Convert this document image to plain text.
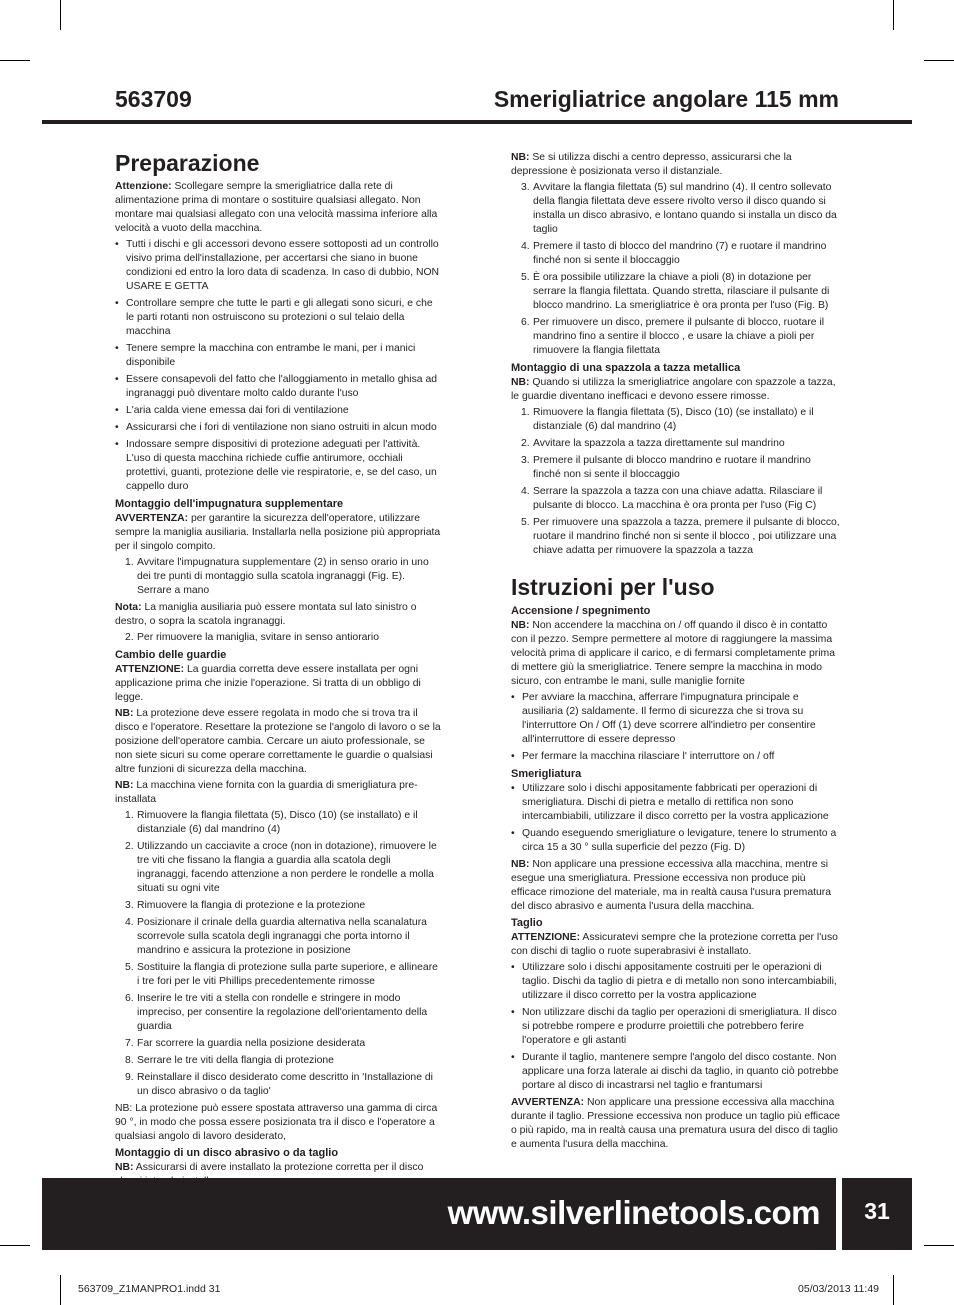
563709	Smerigliatrice angolare 115 mm
Preparazione

Attenzione: Scollegare sempre la smerigliatrice dalla rete di alimentazione prima di montare o sostituire qualsiasi allegato. Non montare mai qualsiasi allegato con una velocità massima inferiore alla velocità a vuoto della macchina.

• Tutti i dischi e gli accessori devono essere sottoposti ad un controllo visivo prima dell'installazione, per accertarsi che siano in buone condizioni ed entro la loro data di scadenza. In caso di dubbio, NON USARE E GETTA
• Controllare sempre che tutte le parti e gli allegati sono sicuri, e che le parti rotanti non ostruiscono su protezioni o sul telaio della macchina
• Tenere sempre la macchina con entrambe le mani, per i manici disponibile
• Essere consapevoli del fatto che l'alloggiamento in metallo ghisa ad ingranaggi può diventare molto caldo durante l'uso
• L'aria calda viene emessa dai fori di ventilazione
• Assicurarsi che i fori di ventilazione non siano ostruiti in alcun modo
• Indossare sempre dispositivi di protezione adeguati per l'attività. L'uso di questa macchina richiede cuffie antirumore, occhiali protettivi, guanti, protezione delle vie respiratorie, e, se del caso, un cappello duro
Montaggio dell'impugnatura supplementare

AVVERTENZA: per garantire la sicurezza dell'operatore, utilizzare sempre la maniglia ausiliaria. Installarla nella posizione più appropriata per il singolo compito.

1. Avvitare l'impugnatura supplementare (2) in senso orario in uno dei tre punti di montaggio sulla scatola ingranaggi (Fig. E). Serrare a mano

Nota: La maniglia ausiliaria può essere montata sul lato sinistro o destro, o sopra la scatola ingranaggi.

2. Per rimuovere la maniglia, svitare in senso antiorario
Cambio delle guardie

ATTENZIONE: La guardia corretta deve essere installata per ogni applicazione prima che inizie l'operazione. Si tratta di un obbligo di legge.

NB: La protezione deve essere regolata in modo che si trova tra il disco e l'operatore. Resettare la protezione se l'angolo di lavoro o se la posizione dell'operatore cambia. Cercare un aiuto professionale, se non siete sicuri su come operare correttamente le guardie o qualsiasi altre funzioni di sicurezza della macchina.

NB: La macchina viene fornita con la guardia di smerigliatura pre-installata

1. Rimuovere la flangia filettata (5), Disco (10) (se installato) e il distanziale (6) dal mandrino (4)
2. Utilizzando un cacciavite a croce (non in dotazione), rimuovere le tre viti che fissano la flangia a guardia alla scatola degli ingranaggi, facendo attenzione a non perdere le rondelle a molla situati su ogni vite
3. Rimuovere la flangia di protezione e la protezione
4. Posizionare il crinale della guardia alternativa nella scanalatura scorrevole sulla scatola degli ingranaggi che porta intorno il mandrino e assicura la protezione in posizione
5. Sostituire la flangia di protezione sulla parte superiore, e allineare i tre fori per le viti Phillips precedentemente rimosse
6. Inserire le tre viti a stella con rondelle e stringere in modo impreciso, per consentire la regolazione dell'orientamento della guardia
7. Far scorrere la guardia nella posizione desiderata
8. Serrare le tre viti della flangia di protezione
9. Reinstallare il disco desiderato come descritto in 'Installazione di un disco abrasivo o da taglio'

NB: La protezione può essere spostata attraverso una gamma di circa 90 °, in modo che possa essere posizionata tra il disco e l'operatore a qualsiasi angolo di lavoro desiderato,

Montaggio di un disco abrasivo o da taglio

NB: Assicurarsi di avere installato la protezione corretta per il disco

NB: Se si utilizza dischi a centro depresso, assicurarsi che la depressione è posizionata verso il distanziale.

3. Avvitare la flangia filettata (5) sul mandrino (4). Il centro sollevato della flangia filettata deve essere rivolto verso il disco quando si installa un disco abrasivo, e lontano quando si installa un disco da taglio
4. Premere il tasto di blocco del mandrino (7) e ruotare il mandrino finché non si sente il bloccaggio
5. È ora possibile utilizzare la chiave a pioli (8) in dotazione per serrare la flangia filettata. Quando stretta, rilasciare il pulsante di blocco mandrino. La smerigliatrice è ora pronta per l'uso (Fig. B)
6. Per rimuovere un disco, premere il pulsante di blocco, ruotare il mandrino fino a sentire il blocco , e usare la chiave a pioli per rimuovere la flangia filettata
Montaggio di una spazzola a tazza metallica

NB: Quando si utilizza la smerigliatrice angolare con spazzole a tazza, le guardie diventano inefficaci e devono essere rimosse.

1. Rimuovere la flangia filettata (5), Disco (10) (se installato) e il distanziale (6) dal mandrino (4)
2. Avvitare la spazzola a tazza direttamente sul mandrino
3. Premere il pulsante di blocco mandrino e ruotare il mandrino finché non si sente il bloccaggio
4. Serrare la spazzola a tazza con una chiave adatta. Rilasciare il pulsante di blocco. La macchina è ora pronta per l'uso (Fig C)
5. Per rimuovere una spazzola a tazza, premere il pulsante di blocco, ruotare il mandrino finché non si sente il blocco , poi utilizzare una chiave adatta per rimuovere la spazzola a tazza
Istruzioni per l'uso
Accensione / spegnimento

NB: Non accendere la macchina on / off quando il disco è in contatto con il pezzo. Sempre permettere al motore di raggiungere la massima velocità prima di applicare il carico, e di fermarsi completamente prima di mettere giù la smerigliatrice. Tenere sempre la macchina in modo sicuro, con entrambe le mani, sulle maniglie fornite

• Per avviare la macchina, afferrare l'impugnatura principale e ausiliaria (2) saldamente. Il fermo di sicurezza che si trova su l'interruttore On / Off (1) deve scorrere all'indietro per consentire all'interruttore di essere depresso
• Per fermare la macchina rilasciare l' interruttore on / off
Smerigliatura
• Utilizzare solo i dischi appositamente fabbricati per operazioni di smerigliatura. Dischi di pietra e metallo di rettifica non sono intercambiabili, utilizzare il disco corretto per la vostra applicazione
• Quando eseguendo smerigliature o levigature, tenere lo strumento a circa 15 a 30 ° sulla superficie del pezzo (Fig. D)

NB: Non applicare una pressione eccessiva alla macchina, mentre si esegue una smerigliatura. Pressione eccessiva non produce più efficace rimozione del materiale, ma in realtà causa l'usura prematura del disco abrasivo e aumenta l'usura della macchina.

Taglio

ATTENZIONE: Assicuratevi sempre che la protezione corretta per l'uso con dischi di taglio o ruote superabrasivi è installato.

• Utilizzare solo i dischi appositamente costruiti per le operazioni di taglio. Dischi da taglio di pietra e di metallo non sono intercambiabili, utilizzare il disco corretto per la vostra applicazione
• Non utilizzare dischi da taglio per operazioni di smerigliatura. Il disco si potrebbe rompere e produrre proiettili che potrebbero ferire l'operatore e gli astanti
• Durante il taglio, mantenere sempre l'angolo del disco costante. Non applicare una forza laterale ai dischi da taglio, in quanto ciò potrebbe portare al disco di incastrarsi nel taglio e frantumarsi

AVVERTENZA: Non applicare una pressione eccessiva alla macchina durante il taglio. Pressione eccessiva non produce un taglio più efficace o più rapido, ma in realtà causa una prematura usura del disco di taglio e aumenta l'usura della macchina.

www.silverlinetools.com	31
563709_Z1MANPRO1.indd 31	05/03/2013 11:49
